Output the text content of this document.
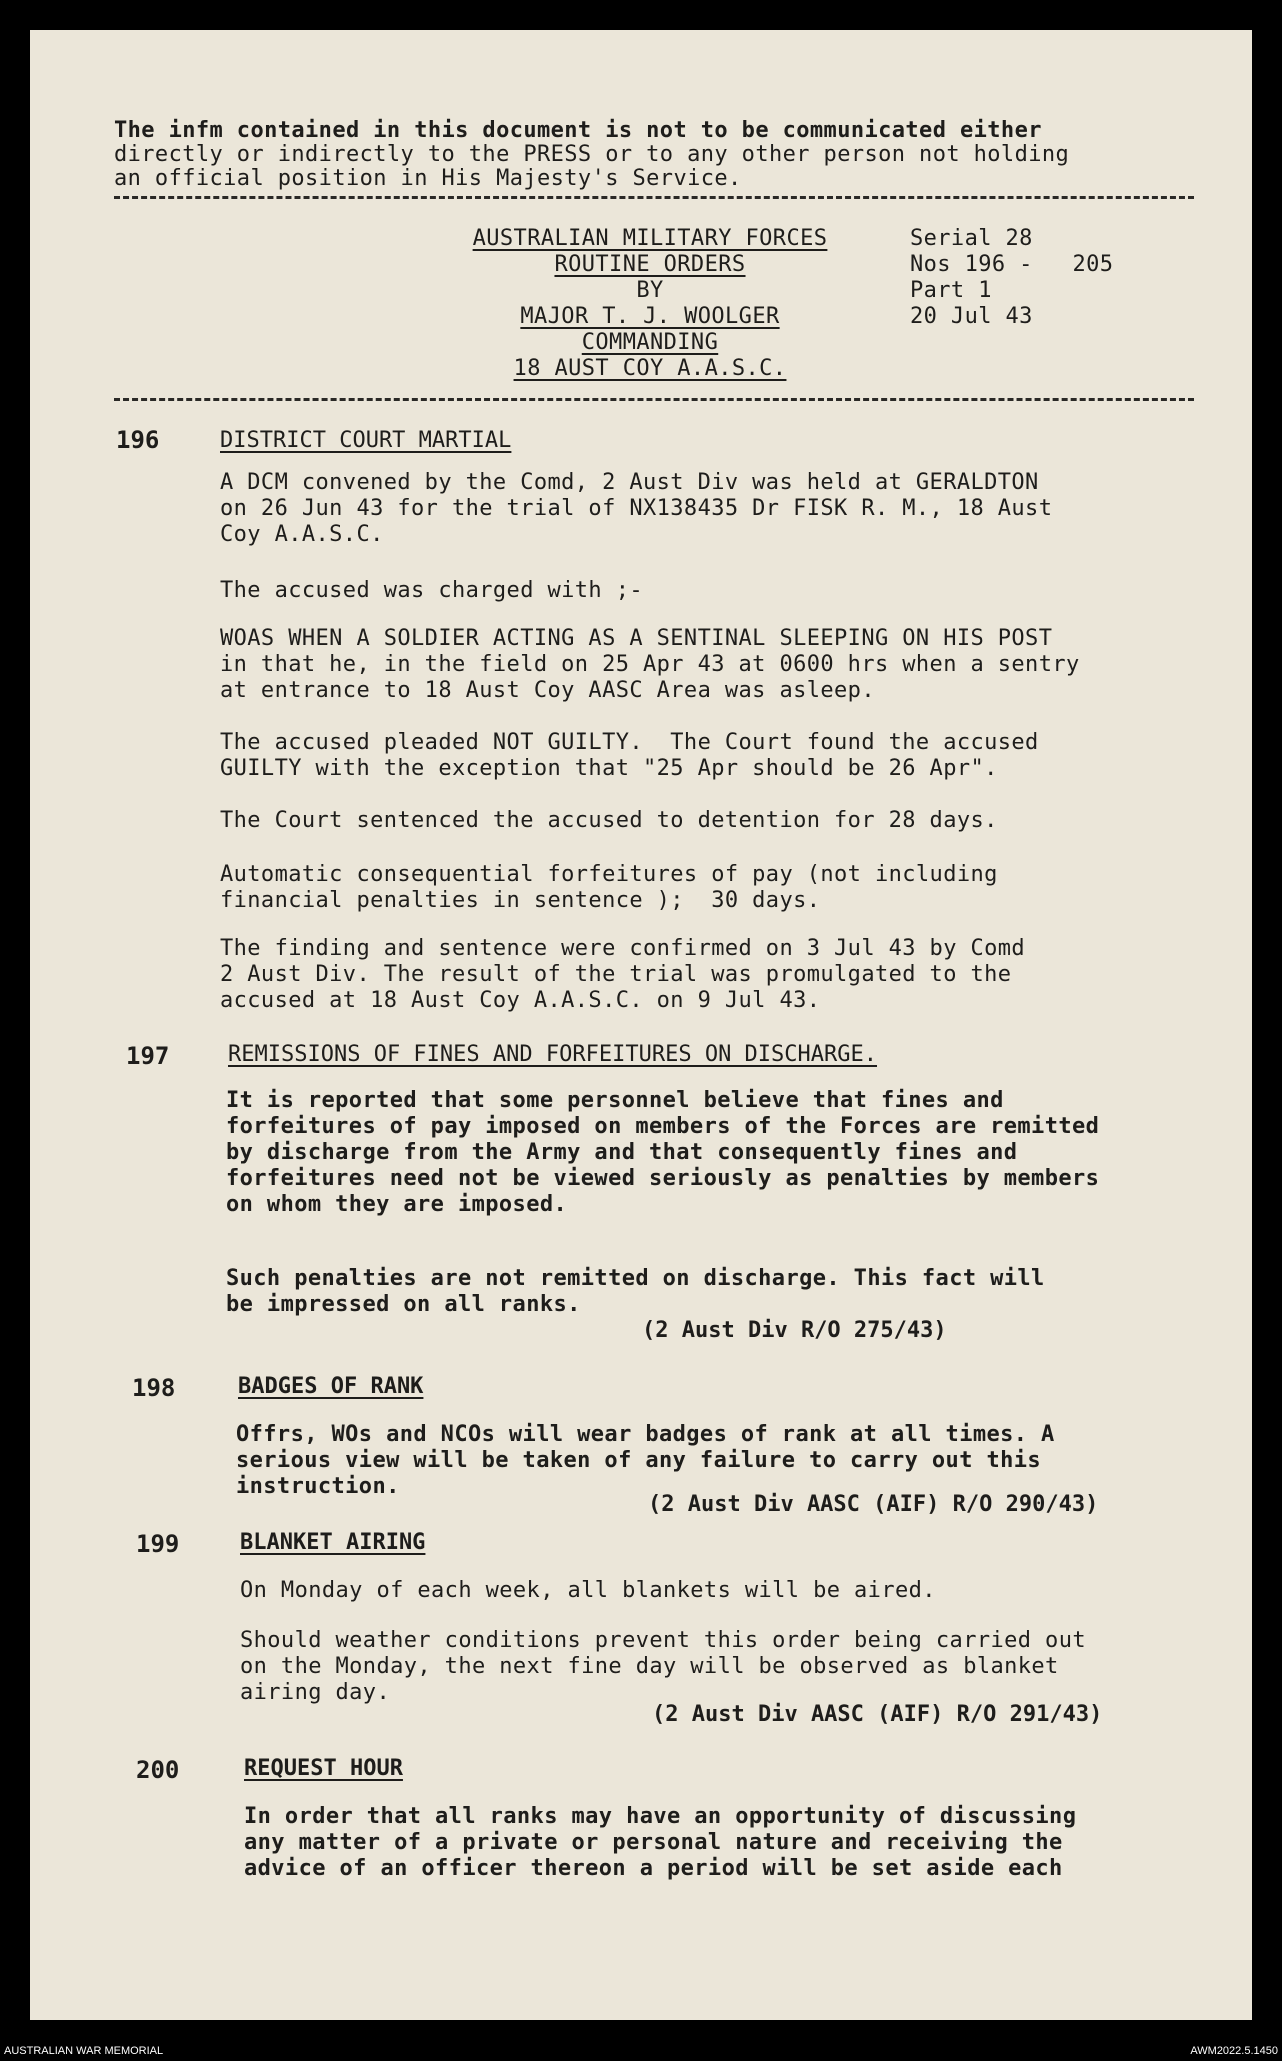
The infm contained in this document is not to be communicated either
directly or indirectly to the PRESS or to any other person not holding
an official position in His Majesty's Service.
AUSTRALIAN MILITARY FORCES
ROUTINE ORDERS
BY
MAJOR T. J. WOOLGER
COMMANDING
18 AUST COY A.A.S.C.
Serial 28
Nos 196 - 205
Part 1
20 Jul 43
196	DISTRICT COURT MARTIAL
A DCM convened by the Comd, 2 Aust Div was held at GERALDTON
on 26 Jun 43 for the trial of NX138435 Dr FISK R. M., 18 Aust
Coy A.A.S.C.
The accused was charged with ;-
WOAS WHEN A SOLDIER ACTING AS A SENTINAL SLEEPING ON HIS POST
in that he, in the field on 25 Apr 43 at 0600 hrs when a sentry
at entrance to 18 Aust Coy AASC Area was asleep.
The accused pleaded NOT GUILTY.  The Court found the accused
GUILTY with the exception that "25 Apr should be 26 Apr".
The Court sentenced the accused to detention for 28 days.
Automatic consequential forfeitures of pay (not including
financial penalties in sentence );  30 days.
The finding and sentence were confirmed on 3 Jul 43 by Comd
2 Aust Div. The result of the trial was promulgated to the
accused at 18 Aust Coy A.A.S.C. on 9 Jul 43.
197	REMISSIONS OF FINES AND FORFEITURES ON DISCHARGE.
It is reported that some personnel believe that fines and
forfeitures of pay imposed on members of the Forces are remitted
by discharge from the Army and that consequently fines and
forfeitures need not be viewed seriously as penalties by members
on whom they are imposed.
Such penalties are not remitted on discharge. This fact will
be impressed on all ranks.
(2 Aust Div R/O 275/43)
198	BADGES OF RANK
Offrs, WOs and NCOs will wear badges of rank at all times. A
serious view will be taken of any failure to carry out this
instruction.
(2 Aust Div AASC (AIF) R/O 290/43)
199	BLANKET AIRING
On Monday of each week, all blankets will be aired.
Should weather conditions prevent this order being carried out
on the Monday, the next fine day will be observed as blanket
airing day.
(2 Aust Div AASC (AIF) R/O 291/43)
200	REQUEST HOUR
In order that all ranks may have an opportunity of discussing
any matter of a private or personal nature and receiving the
advice of an officer thereon a period will be set aside each
AUSTRALIAN WAR MEMORIAL	AWM2022.5.1450
